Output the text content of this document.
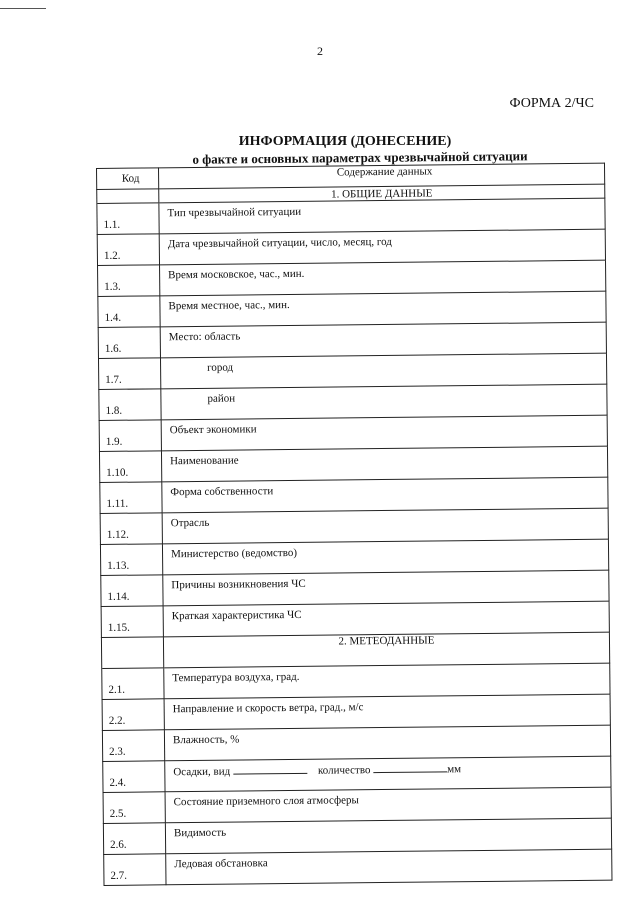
2
ФОРМА 2/ЧС
ИНФОРМАЦИЯ (ДОНЕСЕНИЕ)
о факте и основных параметрах чрезвычайной ситуации
Код	Содержание данных
	1. ОБЩИЕ ДАННЫЕ
1.1.	Тип чрезвычайной ситуации
1.2.	Дата чрезвычайной ситуации, число, месяц, год
1.3.	Время московское, час., мин.
1.4.	Время местное, час., мин.
1.6.	Место: область
1.7.	город
1.8.	район
1.9.	Объект экономики
1.10.	Наименование
1.11.	Форма собственности
1.12.	Отрасль
1.13.	Министерство (ведомство)
1.14.	Причины возникновения ЧС
1.15.	Краткая характеристика ЧС
	2. МЕТЕОДАННЫЕ
2.1.	Температура воздуха, град.
2.2.	Направление и скорость ветра, град., м/с
2.3.	Влажность, %
2.4.	Осадки, вид количество мм
2.5.	Состояние приземного слоя атмосферы
2.6.	Видимость
2.7.	Ледовая обстановка
